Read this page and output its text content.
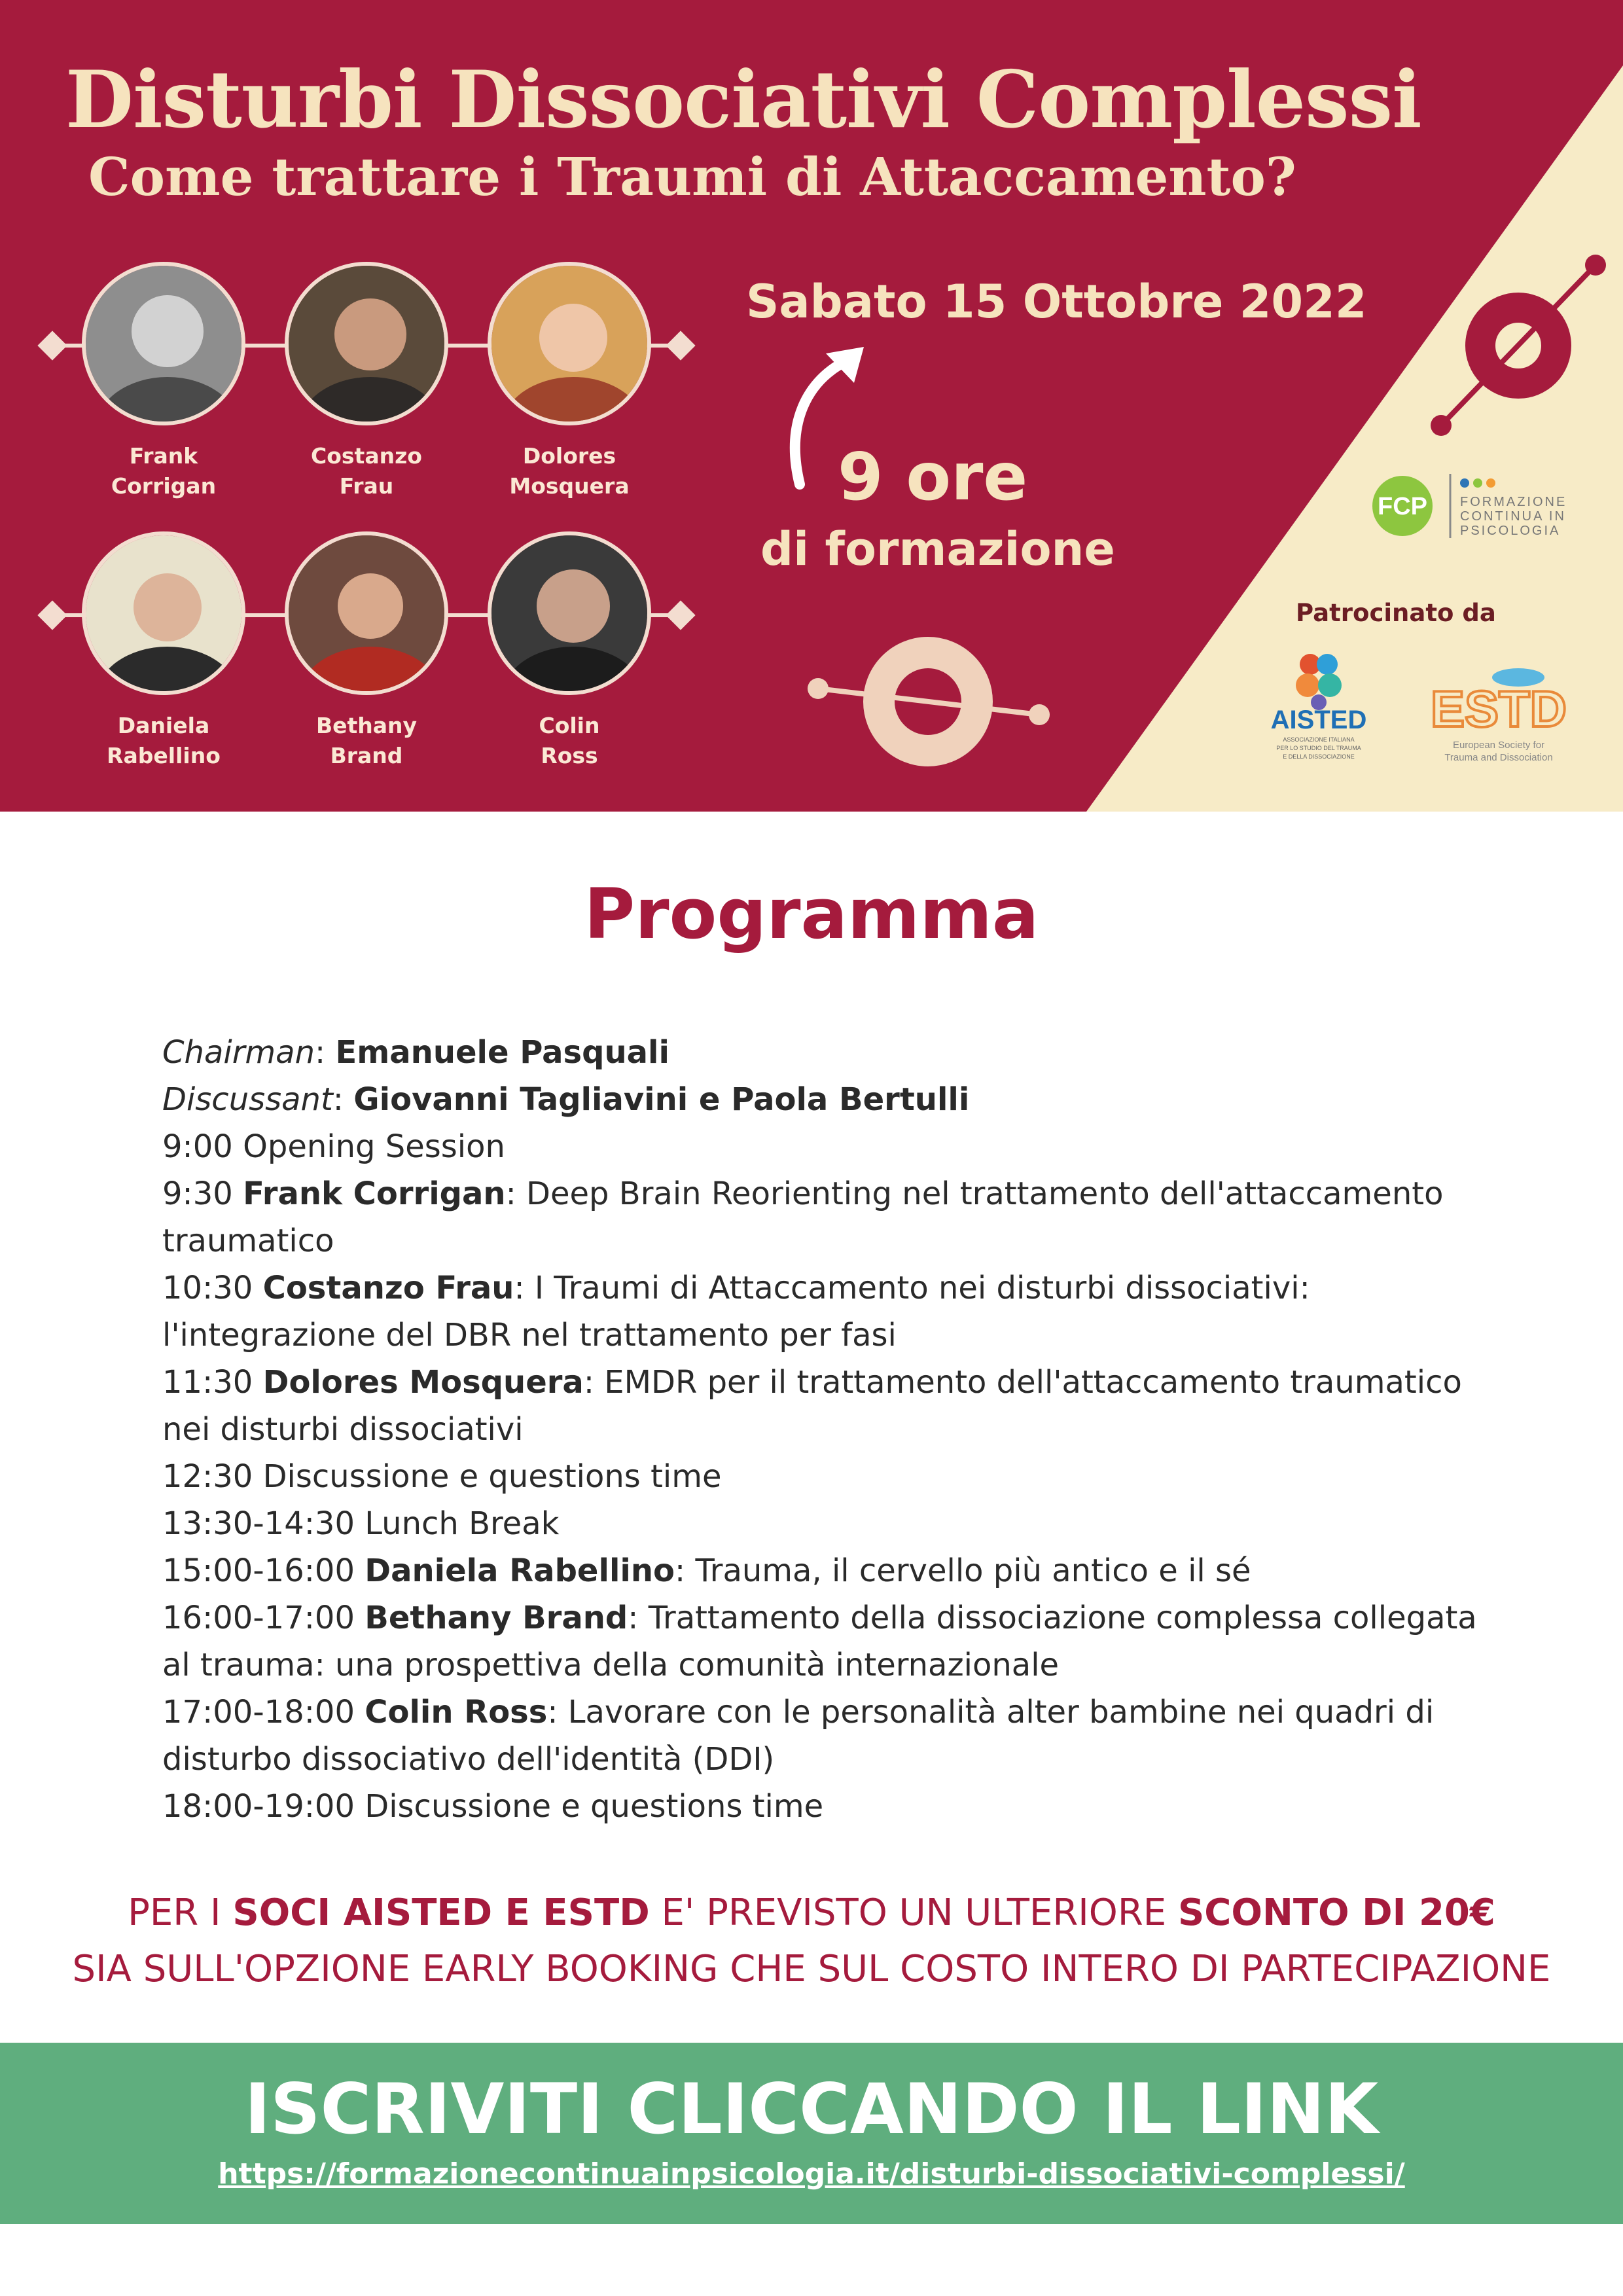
Disturbi Dissociativi Complessi
Come trattare i Traumi di Attaccamento?
Frank
Corrigan
Costanzo
Frau
Dolores
Mosquera
Daniela
Rabellino
Bethany
Brand
Colin
Ross
Sabato 15 Ottobre 2022
9 ore
di formazione
FCP	FORMAZIONE
CONTINUA IN
PSICOLOGIA
Patrocinato da
AISTED
ASSOCIAZIONE ITALIANA
PER LO STUDIO DEL TRAUMA
E DELLA DISSOCIAZIONE
ESTD
European Society for
Trauma and Dissociation
Programma
Chairman: Emanuele Pasquali
Discussant: Giovanni Tagliavini e Paola Bertulli
9:00 Opening Session
9:30 Frank Corrigan: Deep Brain Reorienting nel trattamento dell'attaccamento traumatico
10:30 Costanzo Frau: I Traumi di Attaccamento nei disturbi dissociativi: l'integrazione del DBR nel trattamento per fasi
11:30 Dolores Mosquera: EMDR per il trattamento dell'attaccamento traumatico nei disturbi dissociativi
12:30 Discussione e questions time
13:30-14:30 Lunch Break
15:00-16:00 Daniela Rabellino: Trauma, il cervello più antico e il sé
16:00-17:00 Bethany Brand: Trattamento della dissociazione complessa collegata al trauma: una prospettiva della comunità internazionale
17:00-18:00 Colin Ross: Lavorare con le personalità alter bambine nei quadri di disturbo dissociativo dell'identità (DDI)
18:00-19:00 Discussione e questions time
PER I SOCI AISTED E ESTD E' PREVISTO UN ULTERIORE SCONTO DI 20€
SIA SULL'OPZIONE EARLY BOOKING CHE SUL COSTO INTERO DI PARTECIPAZIONE
ISCRIVITI CLICCANDO IL LINK
https://formazionecontinuainpsicologia.it/disturbi-dissociativi-complessi/
